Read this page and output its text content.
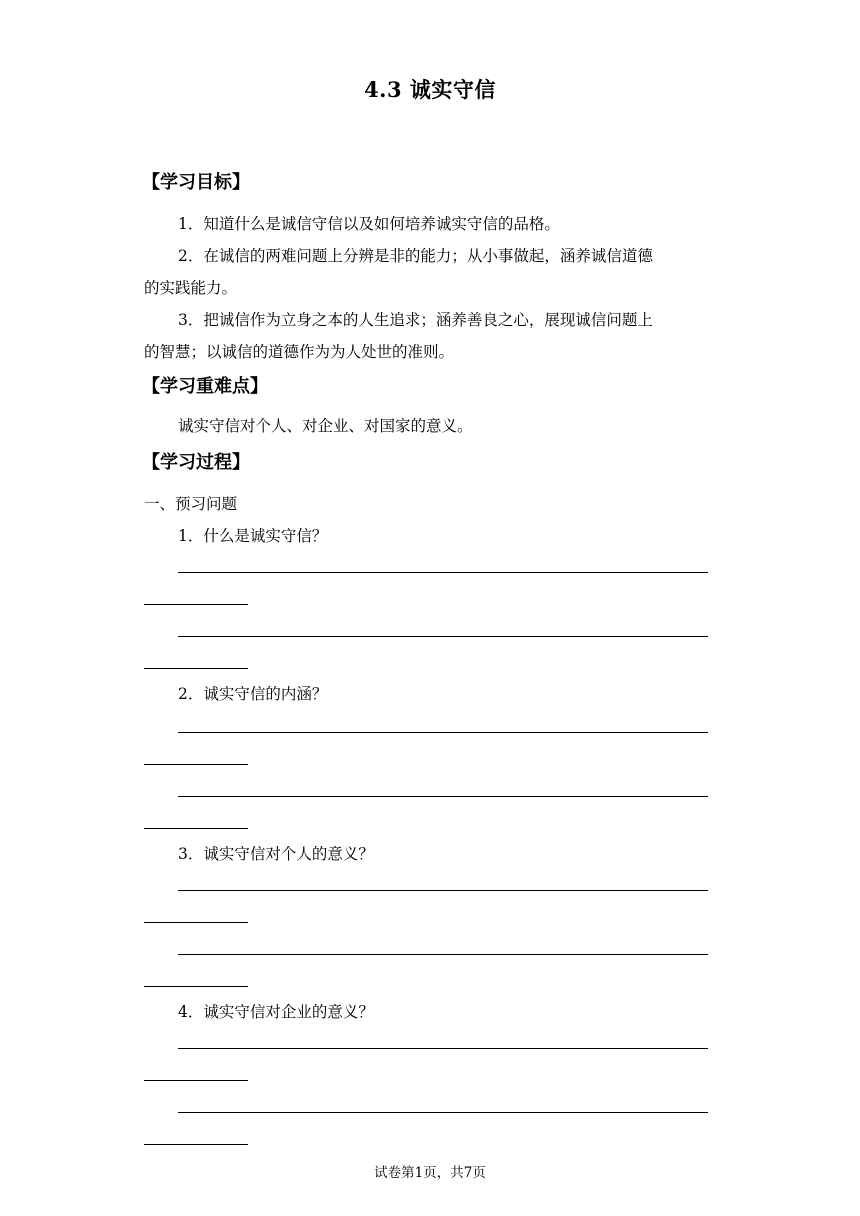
4.3 诚实守信
【学习目标】
1．知道什么是诚信守信以及如何培养诚实守信的品格。
2．在诚信的两难问题上分辨是非的能力；从小事做起，涵养诚信道德
的实践能力。
3．把诚信作为立身之本的人生追求；涵养善良之心，展现诚信问题上
的智慧；以诚信的道德作为为人处世的准则。
【学习重难点】
诚实守信对个人、对企业、对国家的意义。
【学习过程】
一、预习问题
1．什么是诚实守信？
2．诚实守信的内涵？
3．诚实守信对个人的意义？
4．诚实守信对企业的意义？
试卷第1页，共7页
